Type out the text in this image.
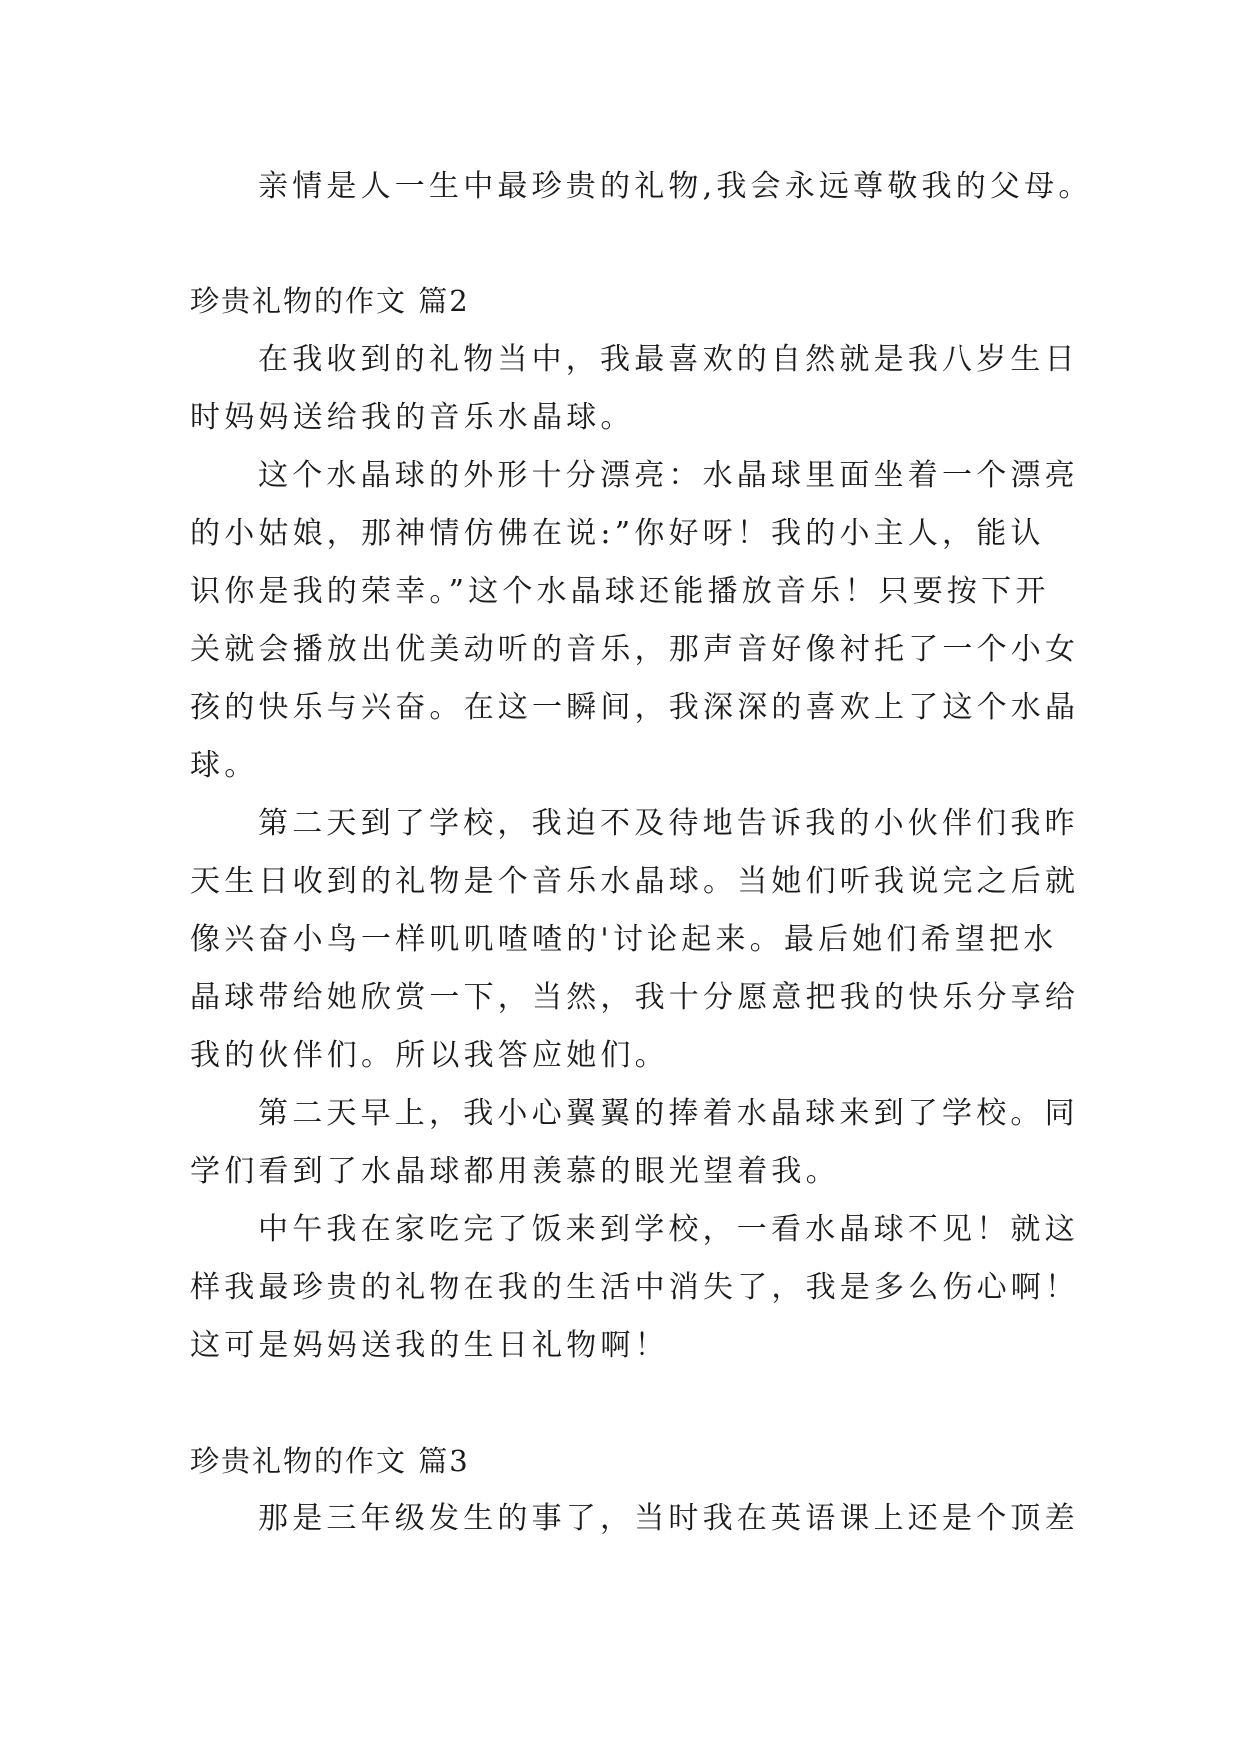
亲情是人一生中最珍贵的礼物,我会永远尊敬我的父母。
珍贵礼物的作文 篇2
在我收到的礼物当中，我最喜欢的自然就是我八岁生日
时妈妈送给我的音乐水晶球。
这个水晶球的外形十分漂亮：水晶球里面坐着一个漂亮
的小姑娘，那神情仿佛在说:”你好呀！我的小主人，能认
识你是我的荣幸。”这个水晶球还能播放音乐！只要按下开
关就会播放出优美动听的音乐，那声音好像衬托了一个小女
孩的快乐与兴奋。在这一瞬间，我深深的喜欢上了这个水晶
球。
第二天到了学校，我迫不及待地告诉我的小伙伴们我昨
天生日收到的礼物是个音乐水晶球。当她们听我说完之后就
像兴奋小鸟一样叽叽喳喳的'讨论起来。最后她们希望把水
晶球带给她欣赏一下，当然，我十分愿意把我的快乐分享给
我的伙伴们。所以我答应她们。
第二天早上，我小心翼翼的捧着水晶球来到了学校。同
学们看到了水晶球都用羡慕的眼光望着我。
中午我在家吃完了饭来到学校，一看水晶球不见！就这
样我最珍贵的礼物在我的生活中消失了，我是多么伤心啊！
这可是妈妈送我的生日礼物啊！
珍贵礼物的作文 篇3
那是三年级发生的事了，当时我在英语课上还是个顶差
